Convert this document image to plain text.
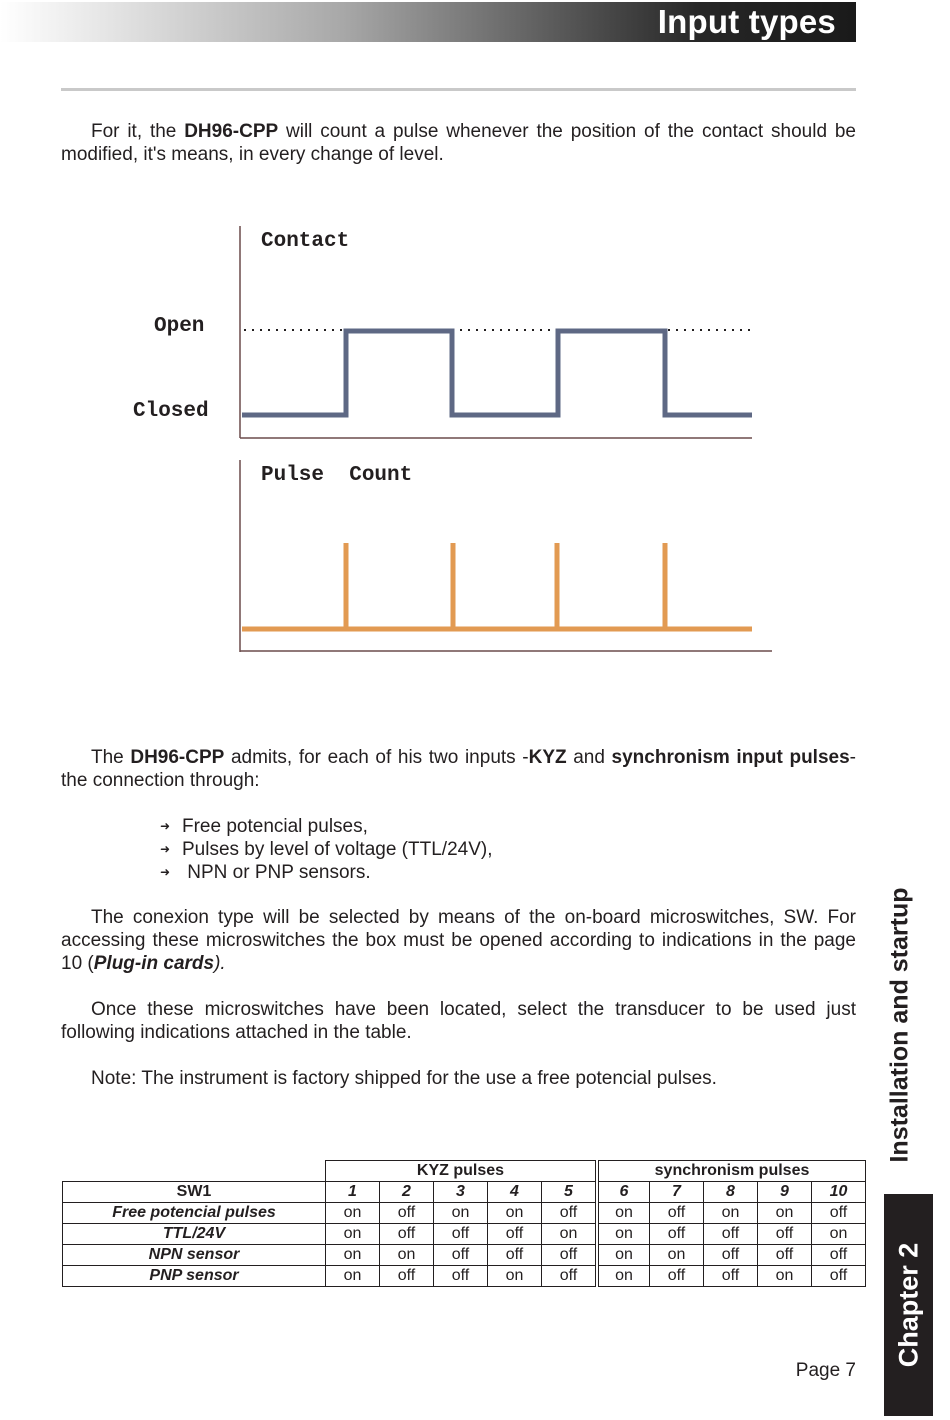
Input types

For it, the DH96-CPP will count a pulse whenever the position of the contact should be modified, it's means, in every change of level.

Contact
Open
Closed
Pulse  Count

The DH96-CPP admits, for each of his two inputs -KYZ and synchronism input pulses- the connection through:

➜ Free potencial pulses,
➜ Pulses by level of voltage (TTL/24V),
➜ NPN or PNP sensors.

The conexion type will be selected by means of the on-board microswitches, SW. For accessing these microswitches the box must be opened according to indications in the page 10 (Plug-in cards).

Once these microswitches have been located, select the transducer to be used just following indications attached in the table.

Note: The instrument is factory shipped for the use a free potencial pulses.

	KYZ pulses					synchronism pulses				
SW1	1	2	3	4	5	6	7	8	9	10
Free potencial pulses	on	off	on	on	off	on	off	on	on	off
TTL/24V	on	off	off	off	on	on	off	off	off	on
NPN sensor	on	on	off	off	off	on	on	off	off	off
PNP sensor	on	off	off	on	off	on	off	off	on	off
Installation and startup
Chapter 2
Page 7
